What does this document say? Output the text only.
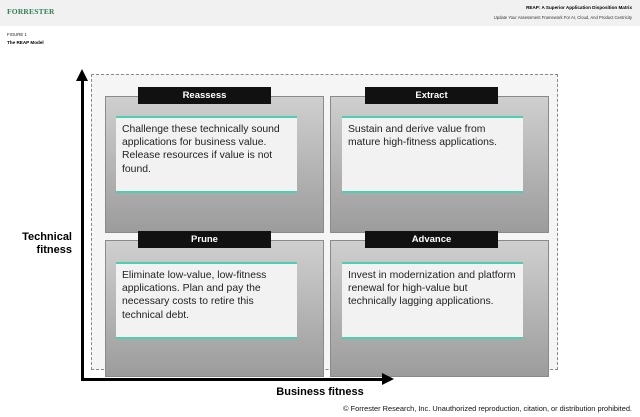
FORRESTER	REAP: A Superior Application Disposition Matrix
Update Your Assessment Framework For AI, Cloud, And Product Centricity
FIGURE 1
The REAP Model
Reassess	Extract
Prune	Advance
Challenge these technically sound applications for business value. Release resources if value is not found.
Sustain and derive value from mature high-fitness applications.
Eliminate low-value, low-fitness applications. Plan and pay the necessary costs to retire this technical debt.
Invest in modernization and platform renewal for high-value but technically lagging applications.
Technical fitness
Business fitness
© Forrester Research, Inc. Unauthorized reproduction, citation, or distribution prohibited.
